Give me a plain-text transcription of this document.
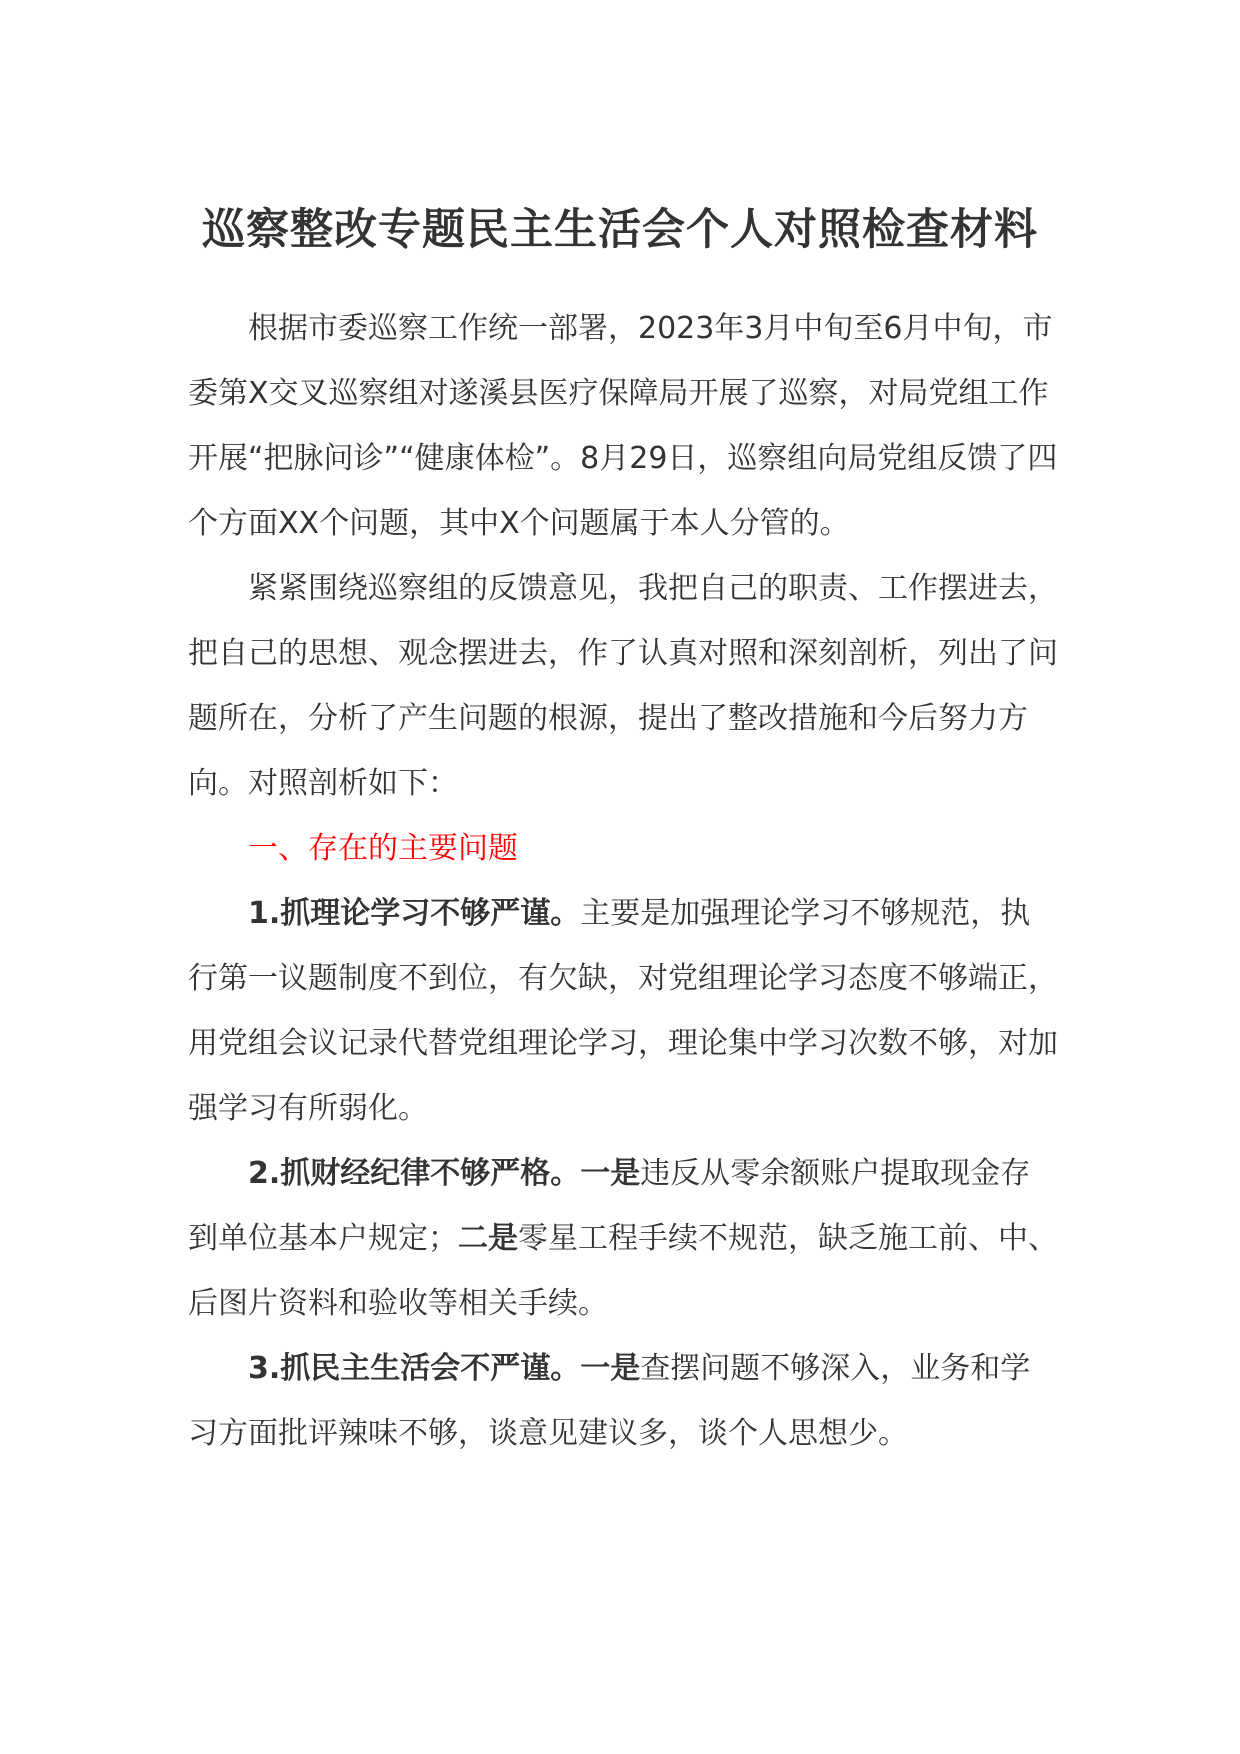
巡察整改专题民主生活会个人对照检查材料

根据市委巡察工作统一部署，2023年3月中旬至6月中旬，市委第X交叉巡察组对遂溪县医疗保障局开展了巡察，对局党组工作开展“把脉问诊”“健康体检”。8月29日，巡察组向局党组反馈了四个方面XX个问题，其中X个问题属于本人分管的。

紧紧围绕巡察组的反馈意见，我把自己的职责、工作摆进去，把自己的思想、观念摆进去，作了认真对照和深刻剖析，列出了问题所在，分析了产生问题的根源，提出了整改措施和今后努力方向。对照剖析如下：

一、存在的主要问题

1.抓理论学习不够严谨。主要是加强理论学习不够规范，执行第一议题制度不到位，有欠缺，对党组理论学习态度不够端正，用党组会议记录代替党组理论学习，理论集中学习次数不够，对加强学习有所弱化。

2.抓财经纪律不够严格。一是违反从零余额账户提取现金存到单位基本户规定；二是零星工程手续不规范，缺乏施工前、中、后图片资料和验收等相关手续。

3.抓民主生活会不严谨。一是查摆问题不够深入，业务和学习方面批评辣味不够，谈意见建议多，谈个人思想少。
